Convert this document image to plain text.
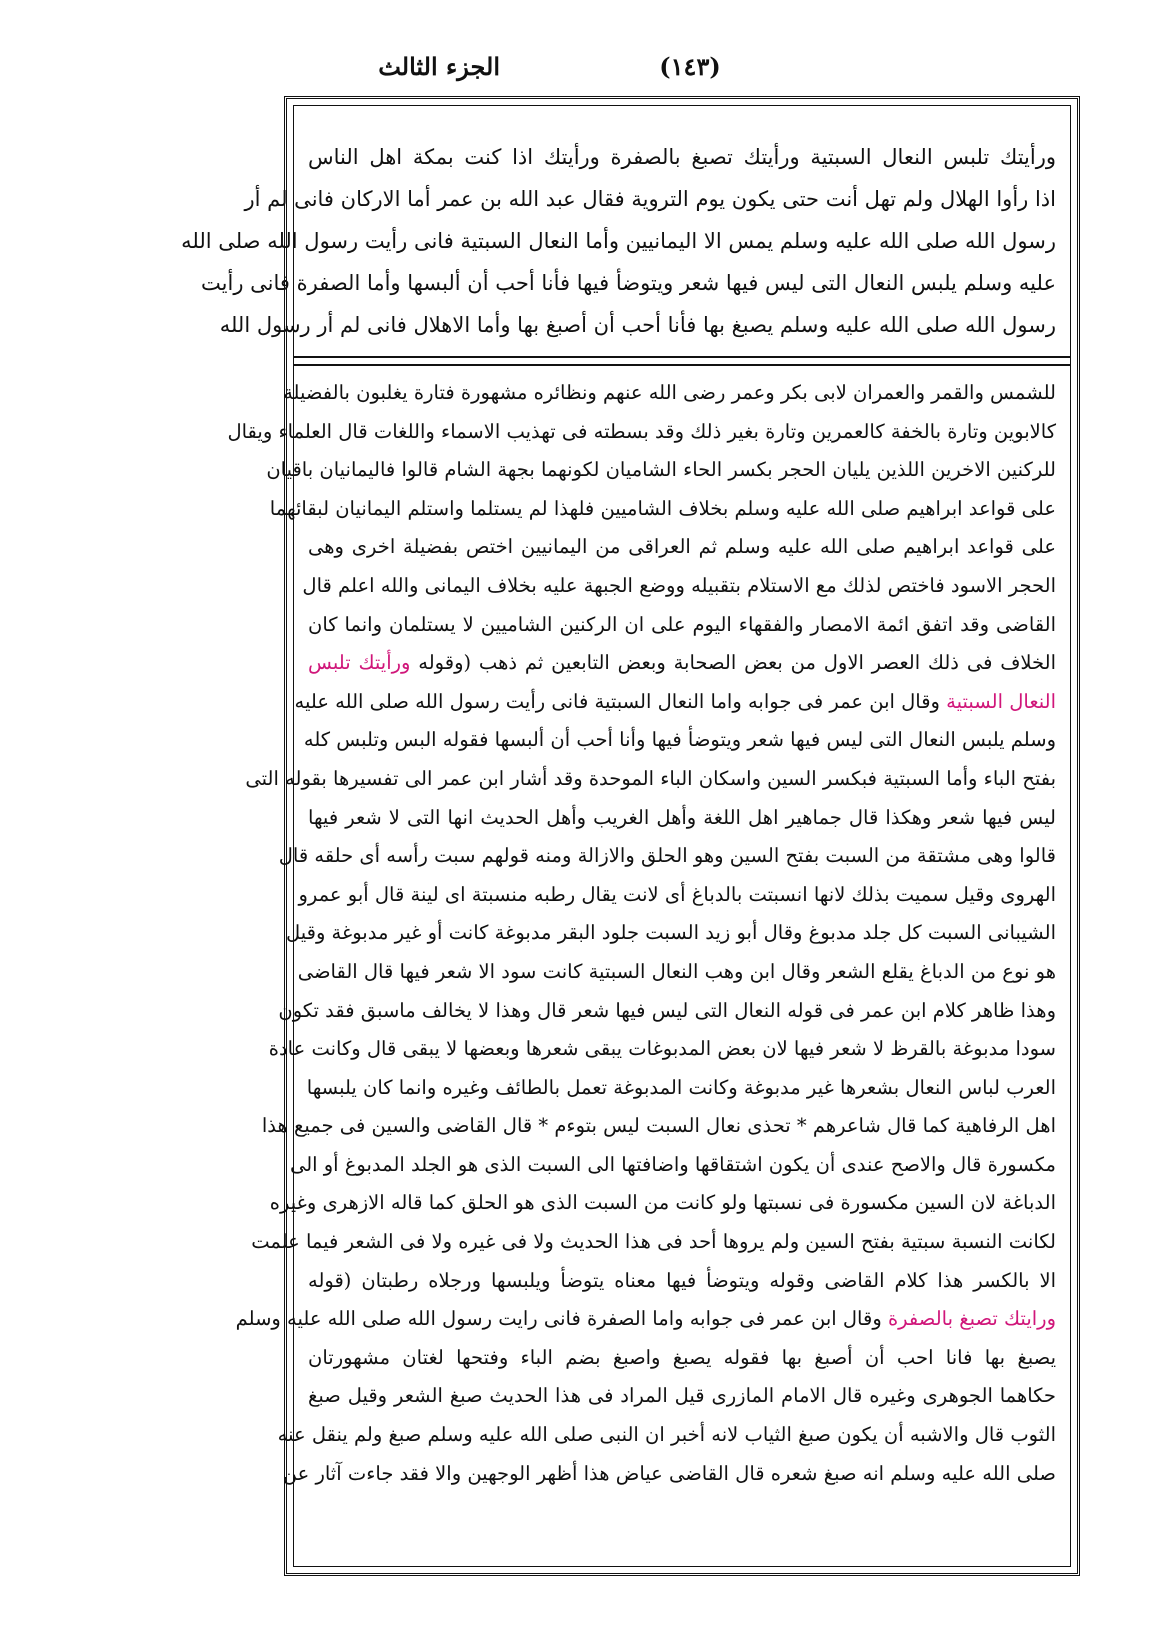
الجزء الثالث	(١٤٣)
ورأيتك تلبس النعال السبتية ورأيتك تصبغ بالصفرة ورأيتك اذا كنت بمكة اهل الناس
اذا رأوا الهلال ولم تهل أنت حتى يكون يوم التروية فقال عبد الله بن عمر أما الاركان فانى لم أر
رسول الله صلى الله عليه وسلم يمس الا اليمانيين وأما النعال السبتية فانى رأيت رسول الله صلى الله
عليه وسلم يلبس النعال التى ليس فيها شعر ويتوضأ فيها فأنا أحب أن ألبسها وأما الصفرة فانى رأيت
رسول الله صلى الله عليه وسلم يصبغ بها فأنا أحب أن أصبغ بها وأما الاهلال فانى لم أر رسول الله
للشمس والقمر والعمران لابى بكر وعمر رضى الله عنهم ونظائره مشهورة فتارة يغلبون بالفضيلة
كالابوين وتارة بالخفة كالعمرين وتارة بغير ذلك وقد بسطته فى تهذيب الاسماء واللغات قال العلماء ويقال
للركنين الاخرين اللذين يليان الحجر بكسر الحاء الشاميان لكونهما بجهة الشام قالوا فاليمانيان باقيان
على قواعد ابراهيم صلى الله عليه وسلم بخلاف الشاميين فلهذا لم يستلما واستلم اليمانيان لبقائهما
على قواعد ابراهيم صلى الله عليه وسلم ثم العراقى من اليمانيين اختص بفضيلة اخرى وهى
الحجر الاسود فاختص لذلك مع الاستلام بتقبيله ووضع الجبهة عليه بخلاف اليمانى والله اعلم قال
القاضى وقد اتفق ائمة الامصار والفقهاء اليوم على ان الركنين الشاميين لا يستلمان وانما كان
الخلاف فى ذلك العصر الاول من بعض الصحابة وبعض التابعين ثم ذهب (وقوله ورأيتك تلبس
النعال السبتية وقال ابن عمر فى جوابه واما النعال السبتية فانى رأيت رسول الله صلى الله عليه
وسلم يلبس النعال التى ليس فيها شعر ويتوضأ فيها وأنا أحب أن ألبسها فقوله البس وتلبس كله
بفتح الباء وأما السبتية فبكسر السين واسكان الباء الموحدة وقد أشار ابن عمر الى تفسيرها بقوله التى
ليس فيها شعر وهكذا قال جماهير اهل اللغة وأهل الغريب وأهل الحديث انها التى لا شعر فيها
قالوا وهى مشتقة من السبت بفتح السين وهو الحلق والازالة ومنه قولهم سبت رأسه أى حلقه قال
الهروى وقيل سميت بذلك لانها انسبتت بالدباغ أى لانت يقال رطبه منسبتة اى لينة قال أبو عمرو
الشيبانى السبت كل جلد مدبوغ وقال أبو زيد السبت جلود البقر مدبوغة كانت أو غير مدبوغة وقيل
هو نوع من الدباغ يقلع الشعر وقال ابن وهب النعال السبتية كانت سود الا شعر فيها قال القاضى
وهذا ظاهر كلام ابن عمر فى قوله النعال التى ليس فيها شعر قال وهذا لا يخالف ماسبق فقد تكون
سودا مدبوغة بالقرظ لا شعر فيها لان بعض المدبوغات يبقى شعرها وبعضها لا يبقى قال وكانت عادة
العرب لباس النعال بشعرها غير مدبوغة وكانت المدبوغة تعمل بالطائف وغيره وانما كان يلبسها
اهل الرفاهية كما قال شاعرهم * تحذى نعال السبت ليس بتوءم * قال القاضى والسين فى جميع هذا
مكسورة قال والاصح عندى أن يكون اشتقاقها واضافتها الى السبت الذى هو الجلد المدبوغ أو الى
الدباغة لان السين مكسورة فى نسبتها ولو كانت من السبت الذى هو الحلق كما قاله الازهرى وغيره
لكانت النسبة سبتية بفتح السين ولم يروها أحد فى هذا الحديث ولا فى غيره ولا فى الشعر فيما علمت
الا بالكسر هذا كلام القاضى وقوله ويتوضأ فيها معناه يتوضأ ويلبسها ورجلاه رطبتان (قوله
ورايتك تصبغ بالصفرة وقال ابن عمر فى جوابه واما الصفرة فانى رايت رسول الله صلى الله عليه وسلم
يصبغ بها فانا احب أن أصبغ بها فقوله يصبغ واصبغ بضم الباء وفتحها لغتان مشهورتان
حكاهما الجوهرى وغيره قال الامام المازرى قيل المراد فى هذا الحديث صبغ الشعر وقيل صبغ
الثوب قال والاشبه أن يكون صبغ الثياب لانه أخبر ان النبى صلى الله عليه وسلم صبغ ولم ينقل عنه
صلى الله عليه وسلم انه صبغ شعره قال القاضى عياض هذا أظهر الوجهين والا فقد جاءت آثار عن
